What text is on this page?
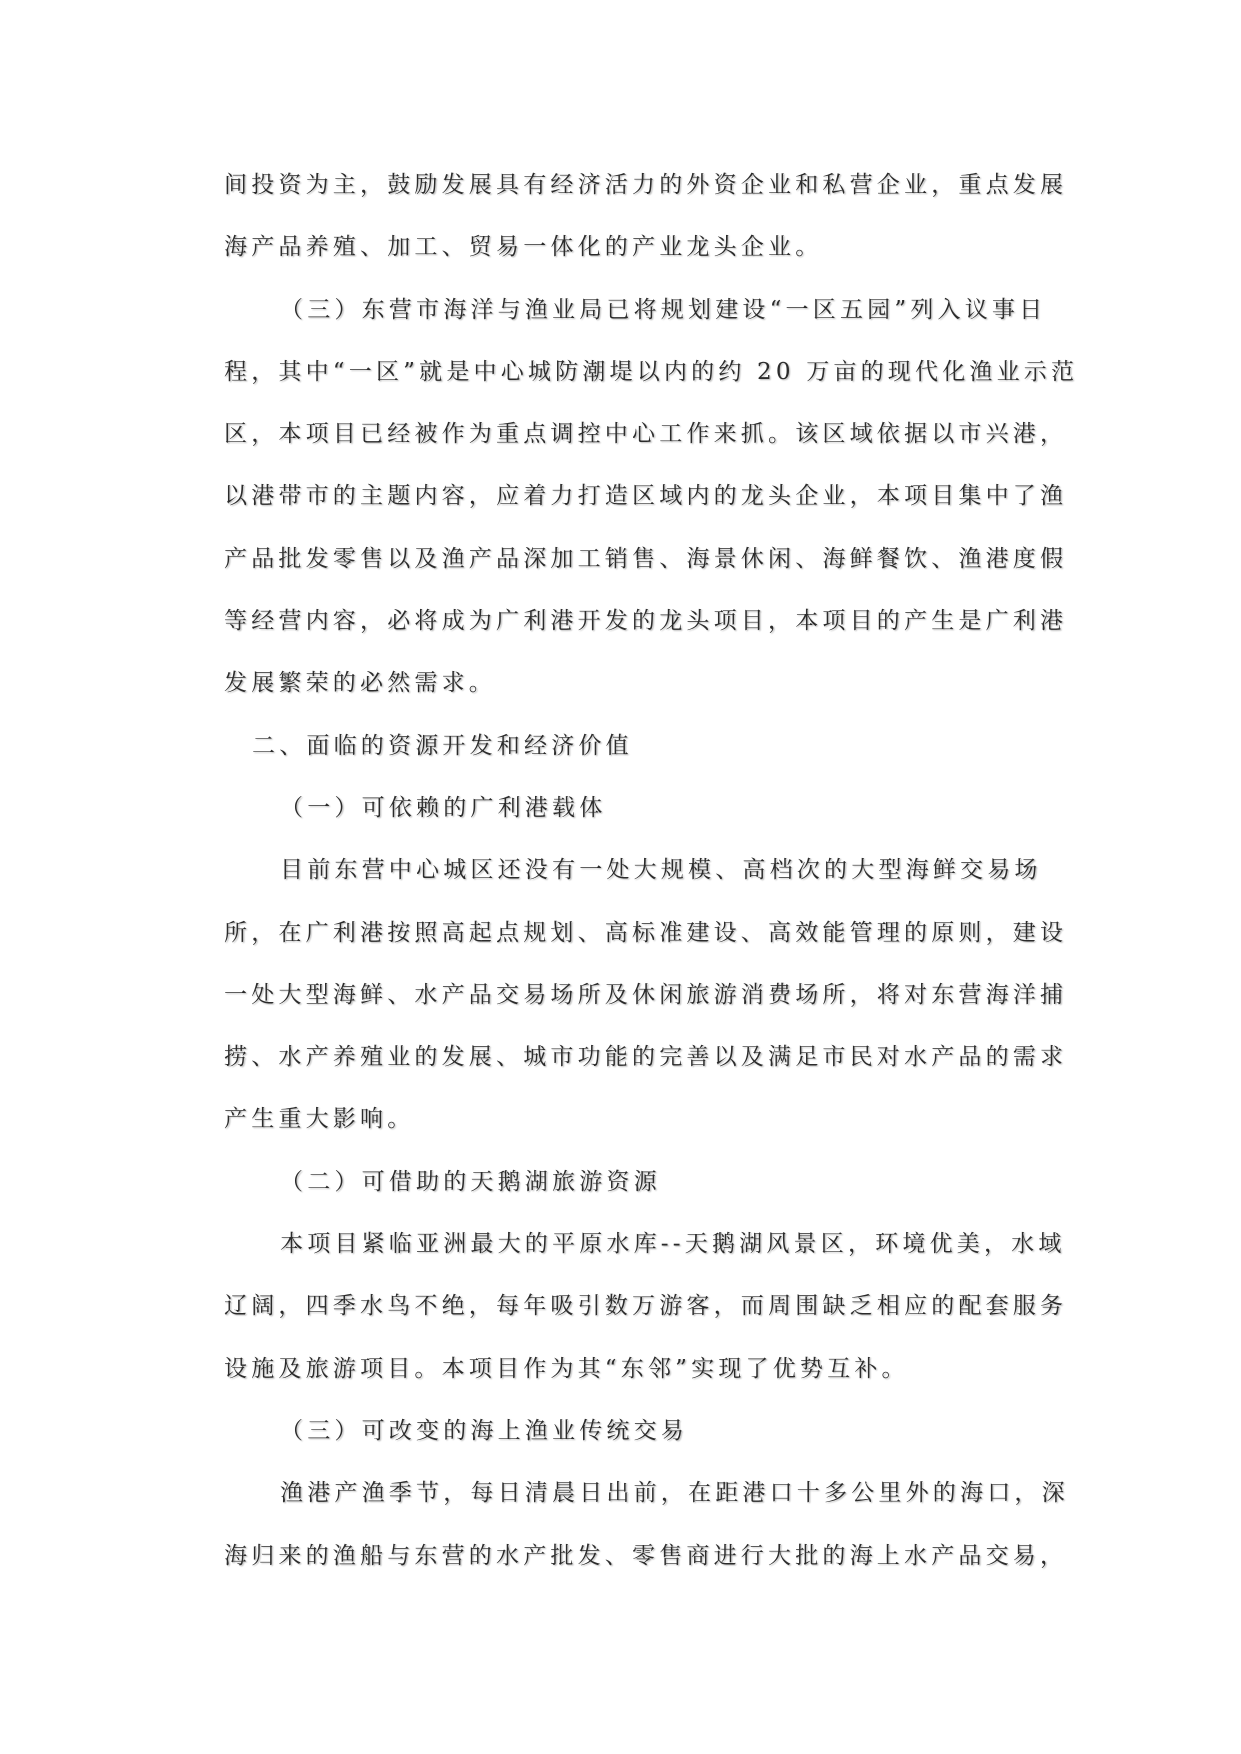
间投资为主，鼓励发展具有经济活力的外资企业和私营企业，重点发展
海产品养殖、加工、贸易一体化的产业龙头企业。
（三）东营市海洋与渔业局已将规划建设“一区五园”列入议事日
程，其中“一区”就是中心城防潮堤以内的约 20 万亩的现代化渔业示范
区，本项目已经被作为重点调控中心工作来抓。该区域依据以市兴港，
以港带市的主题内容，应着力打造区域内的龙头企业，本项目集中了渔
产品批发零售以及渔产品深加工销售、海景休闲、海鲜餐饮、渔港度假
等经营内容，必将成为广利港开发的龙头项目，本项目的产生是广利港
发展繁荣的必然需求。
二、面临的资源开发和经济价值
（一）可依赖的广利港载体
目前东营中心城区还没有一处大规模、高档次的大型海鲜交易场
所，在广利港按照高起点规划、高标准建设、高效能管理的原则，建设
一处大型海鲜、水产品交易场所及休闲旅游消费场所，将对东营海洋捕
捞、水产养殖业的发展、城市功能的完善以及满足市民对水产品的需求
产生重大影响。
（二）可借助的天鹅湖旅游资源
本项目紧临亚洲最大的平原水库--天鹅湖风景区，环境优美，水域
辽阔，四季水鸟不绝，每年吸引数万游客，而周围缺乏相应的配套服务
设施及旅游项目。本项目作为其“东邻”实现了优势互补。
（三）可改变的海上渔业传统交易
渔港产渔季节，每日清晨日出前，在距港口十多公里外的海口，深
海归来的渔船与东营的水产批发、零售商进行大批的海上水产品交易，
